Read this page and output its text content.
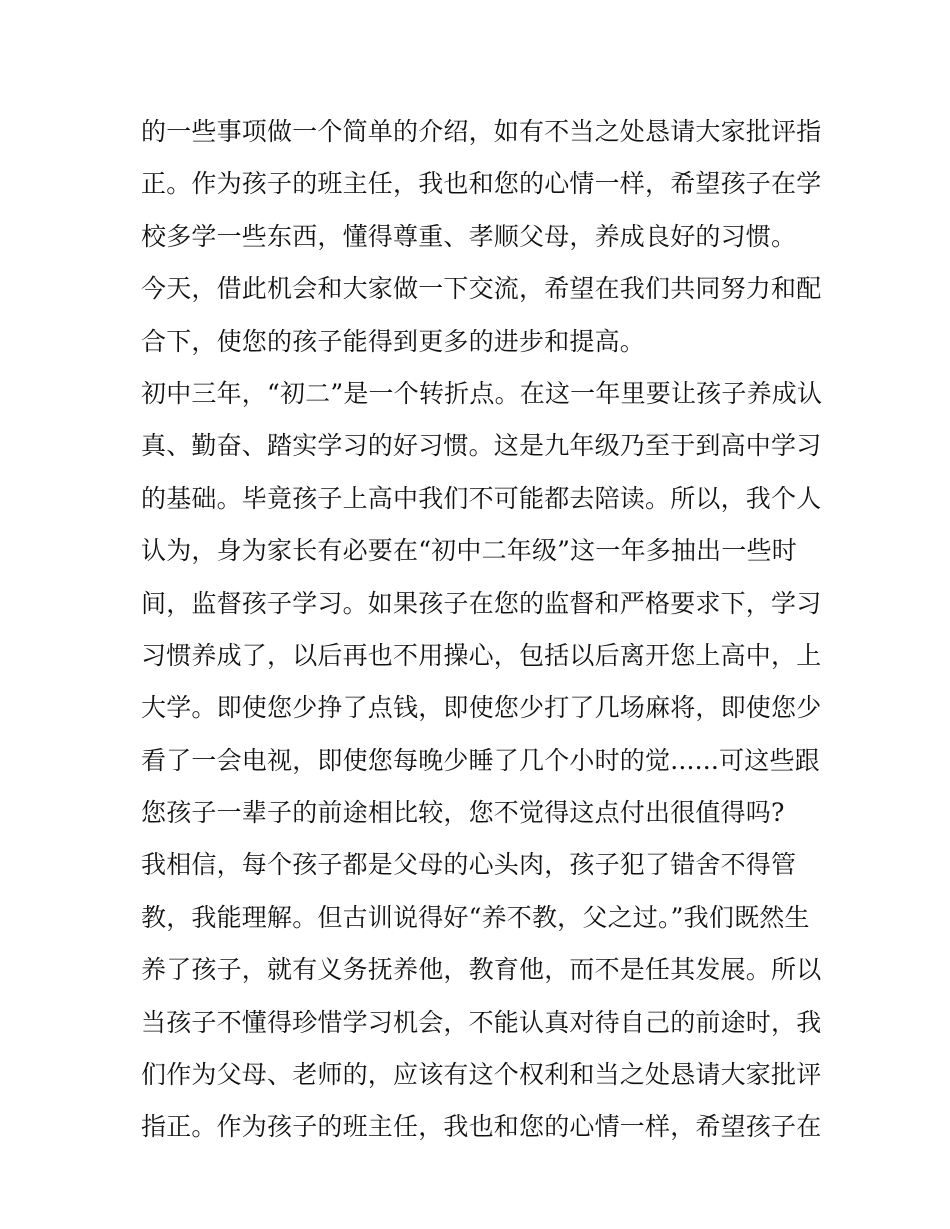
的一些事项做一个简单的介绍，如有不当之处恳请大家批评指
正。作为孩子的班主任，我也和您的心情一样，希望孩子在学
校多学一些东西，懂得尊重、孝顺父母，养成良好的习惯。
今天，借此机会和大家做一下交流，希望在我们共同努力和配
合下，使您的孩子能得到更多的进步和提高。
初中三年，“初二”是一个转折点。在这一年里要让孩子养成认
真、勤奋、踏实学习的好习惯。这是九年级乃至于到高中学习
的基础。毕竟孩子上高中我们不可能都去陪读。所以，我个人
认为，身为家长有必要在“初中二年级”这一年多抽出一些时
间，监督孩子学习。如果孩子在您的监督和严格要求下，学习
习惯养成了，以后再也不用操心，包括以后离开您上高中，上
大学。即使您少挣了点钱，即使您少打了几场麻将，即使您少
看了一会电视，即使您每晚少睡了几个小时的觉......可这些跟
您孩子一辈子的前途相比较，您不觉得这点付出很值得吗?
我相信，每个孩子都是父母的心头肉，孩子犯了错舍不得管
教，我能理解。但古训说得好“养不教，父之过。”我们既然生
养了孩子，就有义务抚养他，教育他，而不是任其发展。所以
当孩子不懂得珍惜学习机会，不能认真对待自己的前途时，我
们作为父母、老师的，应该有这个权利和当之处恳请大家批评
指正。作为孩子的班主任，我也和您的心情一样，希望孩子在
